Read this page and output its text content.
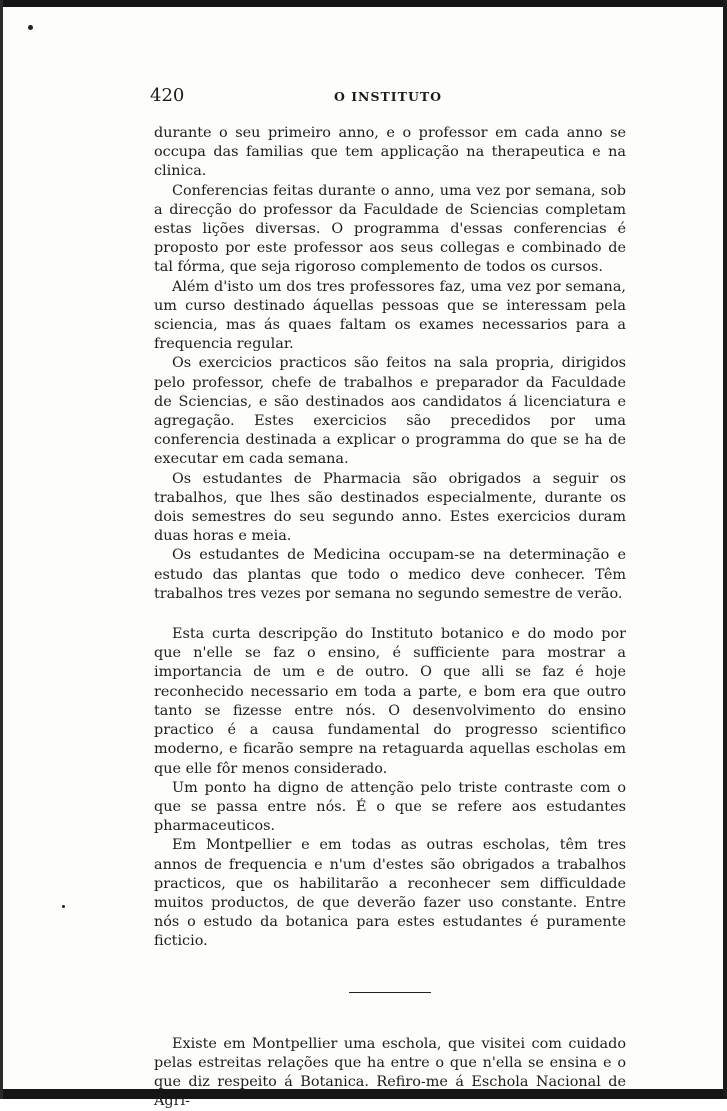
420	O INSTITUTO

durante o seu primeiro anno, e o professor em cada anno se occupa das familias que tem applicação na therapeutica e na clinica.

Conferencias feitas durante o anno, uma vez por semana, sob a direcção do professor da Faculdade de Sciencias completam estas lições diversas. O programma d'essas conferencias é proposto por este professor aos seus collegas e combinado de tal fórma, que seja rigoroso complemento de todos os cursos.

Além d'isto um dos tres professores faz, uma vez por semana, um curso destinado áquellas pessoas que se interessam pela sciencia, mas ás quaes faltam os exames necessarios para a frequencia regular.

Os exercicios practicos são feitos na sala propria, dirigidos pelo professor, chefe de trabalhos e preparador da Faculdade de Sciencias, e são destinados aos candidatos á licenciatura e agregação. Estes exercicios são precedidos por uma conferencia destinada a explicar o programma do que se ha de executar em cada semana.

Os estudantes de Pharmacia são obrigados a seguir os trabalhos, que lhes são destinados especialmente, durante os dois semestres do seu segundo anno. Estes exercicios duram duas horas e meia.

Os estudantes de Medicina occupam-se na determinação e estudo das plantas que todo o medico deve conhecer. Têm trabalhos tres vezes por semana no segundo semestre de verão.

Esta curta descripção do Instituto botanico e do modo por que n'elle se faz o ensino, é sufficiente para mostrar a importancia de um e de outro. O que alli se faz é hoje reconhecido necessario em toda a parte, e bom era que outro tanto se fizesse entre nós. O desenvolvimento do ensino practico é a causa fundamental do progresso scientifico moderno, e ficarão sempre na retaguarda aquellas escholas em que elle fôr menos considerado.

Um ponto ha digno de attenção pelo triste contraste com o que se passa entre nós. É o que se refere aos estudantes pharmaceuticos.

Em Montpellier e em todas as outras escholas, têm tres annos de frequencia e n'um d'estes são obrigados a trabalhos practicos, que os habilitarão a reconhecer sem difficuldade muitos productos, de que deverão fazer uso constante. Entre nós o estudo da botanica para estes estudantes é puramente ficticio.

Existe em Montpellier uma eschola, que visitei com cuidado pelas estreitas relações que ha entre o que n'ella se ensina e o que diz respeito á Botanica. Refiro-me á Eschola Nacional de Agri-
